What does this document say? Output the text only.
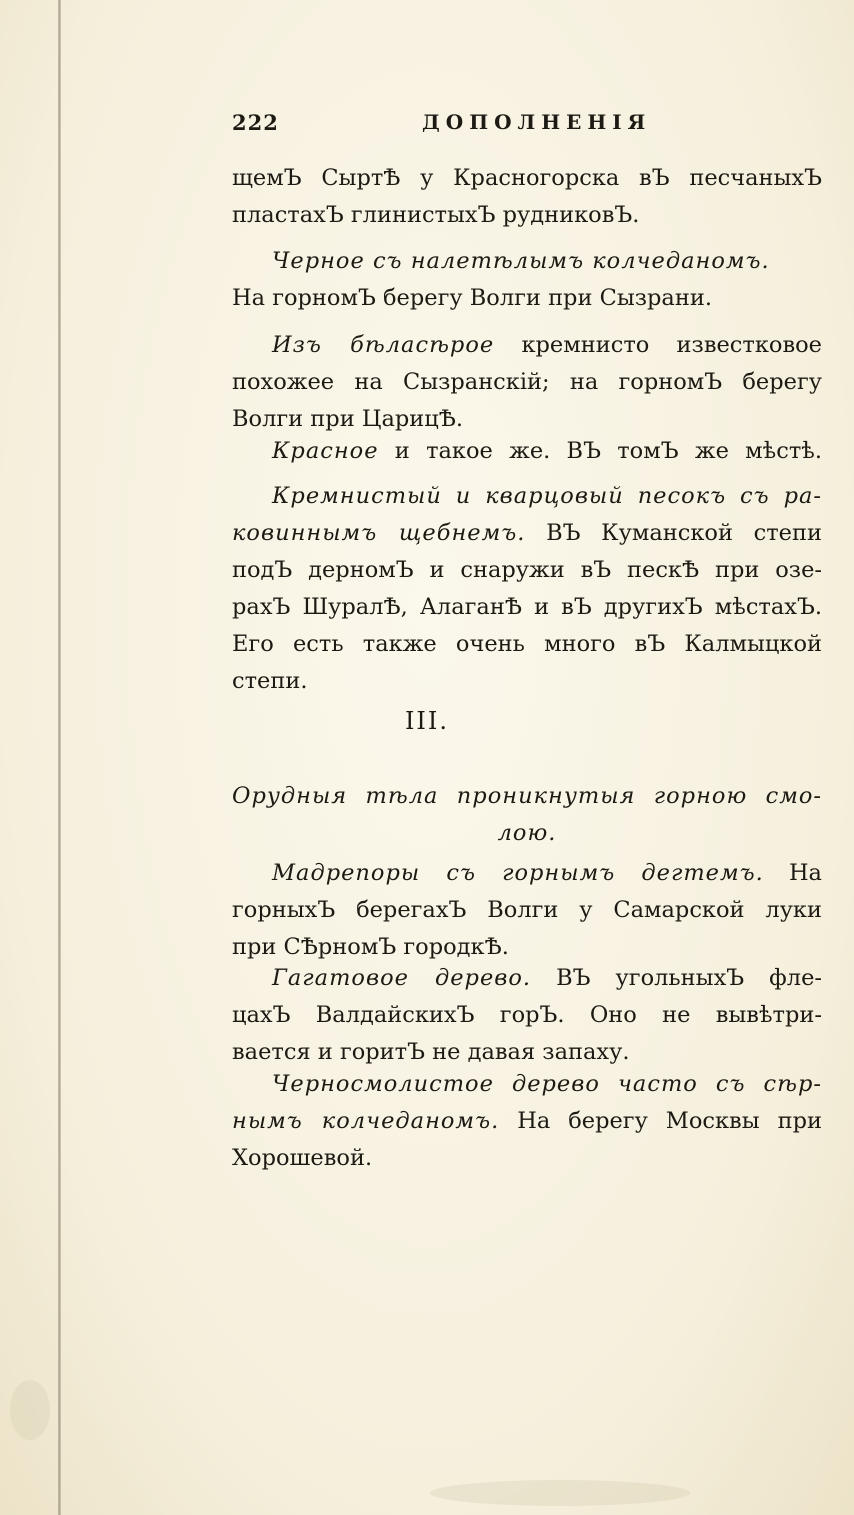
222	ДОПОЛНЕНІЯ
щемЪ СыртѢ у Красногорска вЪ песчаныхЪ
пластахЪ глинистыхЪ рудниковЪ.
Черное съ налетѣлымъ колчеданомъ.
На горномЪ берегу Волги при Сызрани.
Изъ бѣласѣрое кремнисто известковое
похожее на Сызранскій; на горномЪ берегу
Волги при ЦарицѢ.
Красное и такое же. ВЪ томЪ же мѣстѣ.
Кремнистый и кварцовый песокъ съ ра-
ковиннымъ щебнемъ. ВЪ Куманской степи
подЪ дерномЪ и снаружи вЪ пескѢ при озе-
рахЪ ШуралѢ, АлаганѢ и вЪ другихЪ мѣстахЪ.
Его есть также очень много вЪ Калмыцкой
степи.
III.
Орудныя тѣла проникнутыя горною смо-
лою.
Мадрепоры съ горнымъ дегтемъ. На
горныхЪ берегахЪ Волги у Самарской луки
при СѢрномЪ городкѢ.
Гагатовое дерево. ВЪ угольныхЪ фле-
цахЪ ВалдайскихЪ горЪ. Оно не вывѣтри-
вается и горитЪ не давая запаху.
Черносмолистое дерево часто съ сѣр-
нымъ колчеданомъ. На берегу Москвы при
Хорошевой.
